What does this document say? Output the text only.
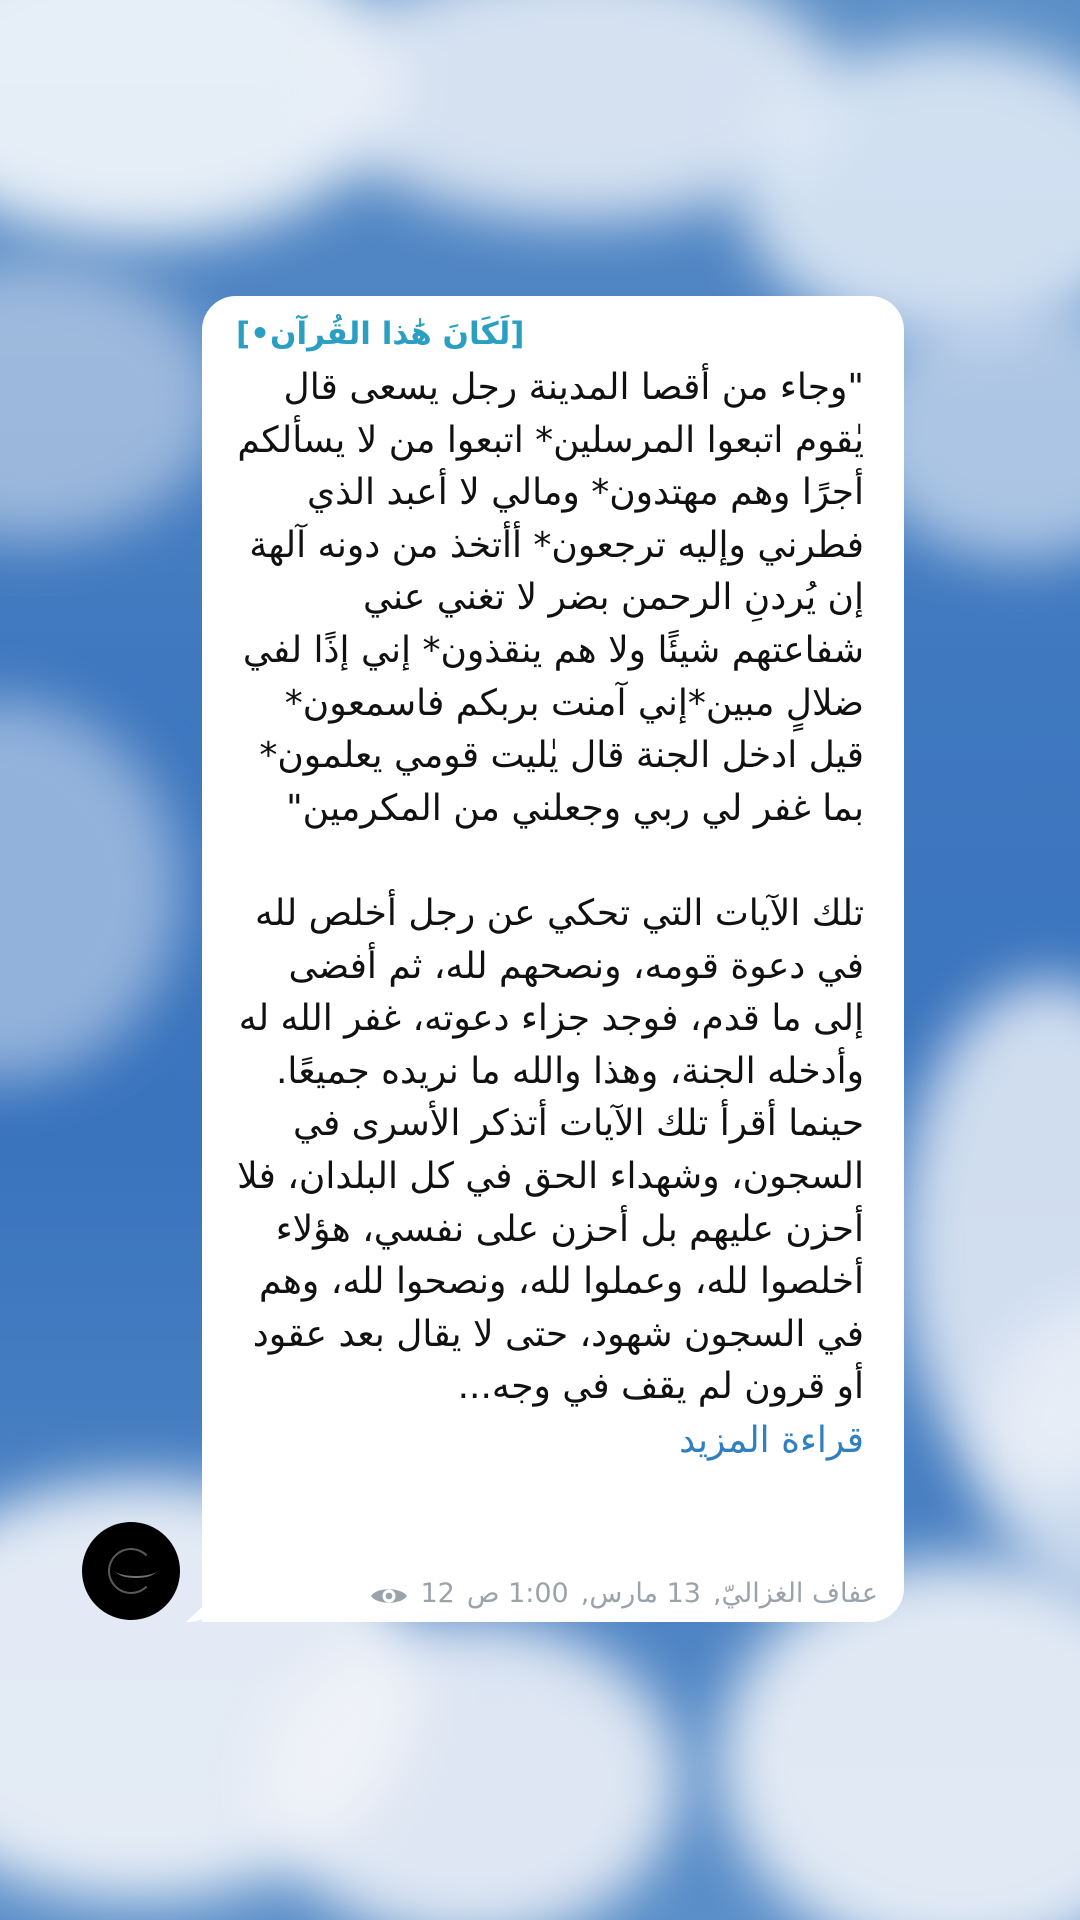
[لَكَانَ هَٰذا القُرآن•]
"وجاء من أقصا المدينة رجل يسعى قال يٰقوم اتبعوا المرسلين* اتبعوا من لا يسألكم أجرًا وهم مهتدون* ومالي لا أعبد الذي فطرني وإليه ترجعون* أأتخذ من دونه آلهة إن يُردنِ الرحمن بضر لا تغني عني شفاعتهم شيئًا ولا هم ينقذون* إني إذًا لفي ضلالٍ مبين*إني آمنت بربكم فاسمعون* قيل ادخل الجنة قال يٰليت قومي يعلمون* بما غفر لي ربي وجعلني من المكرمين"

تلك الآيات التي تحكي عن رجل أخلص لله في دعوة قومه، ونصحهم لله، ثم أفضى إلى ما قدم، فوجد جزاء دعوته، غفر الله له وأدخله الجنة، وهذا والله ما نريده جميعًا.
حينما أقرأ تلك الآيات أتذكر الأسرى في السجون، وشهداء الحق في كل البلدان، فلا أحزن عليهم بل أحزن على نفسي، هؤلاء أخلصوا لله، وعملوا لله، ونصحوا لله، وهم في السجون شهود، حتى لا يقال بعد عقود أو قرون لم يقف في وجه...
قراءة المزيد
عفاف الغزاليّ,
13 مارس,
1:00 ص
12
